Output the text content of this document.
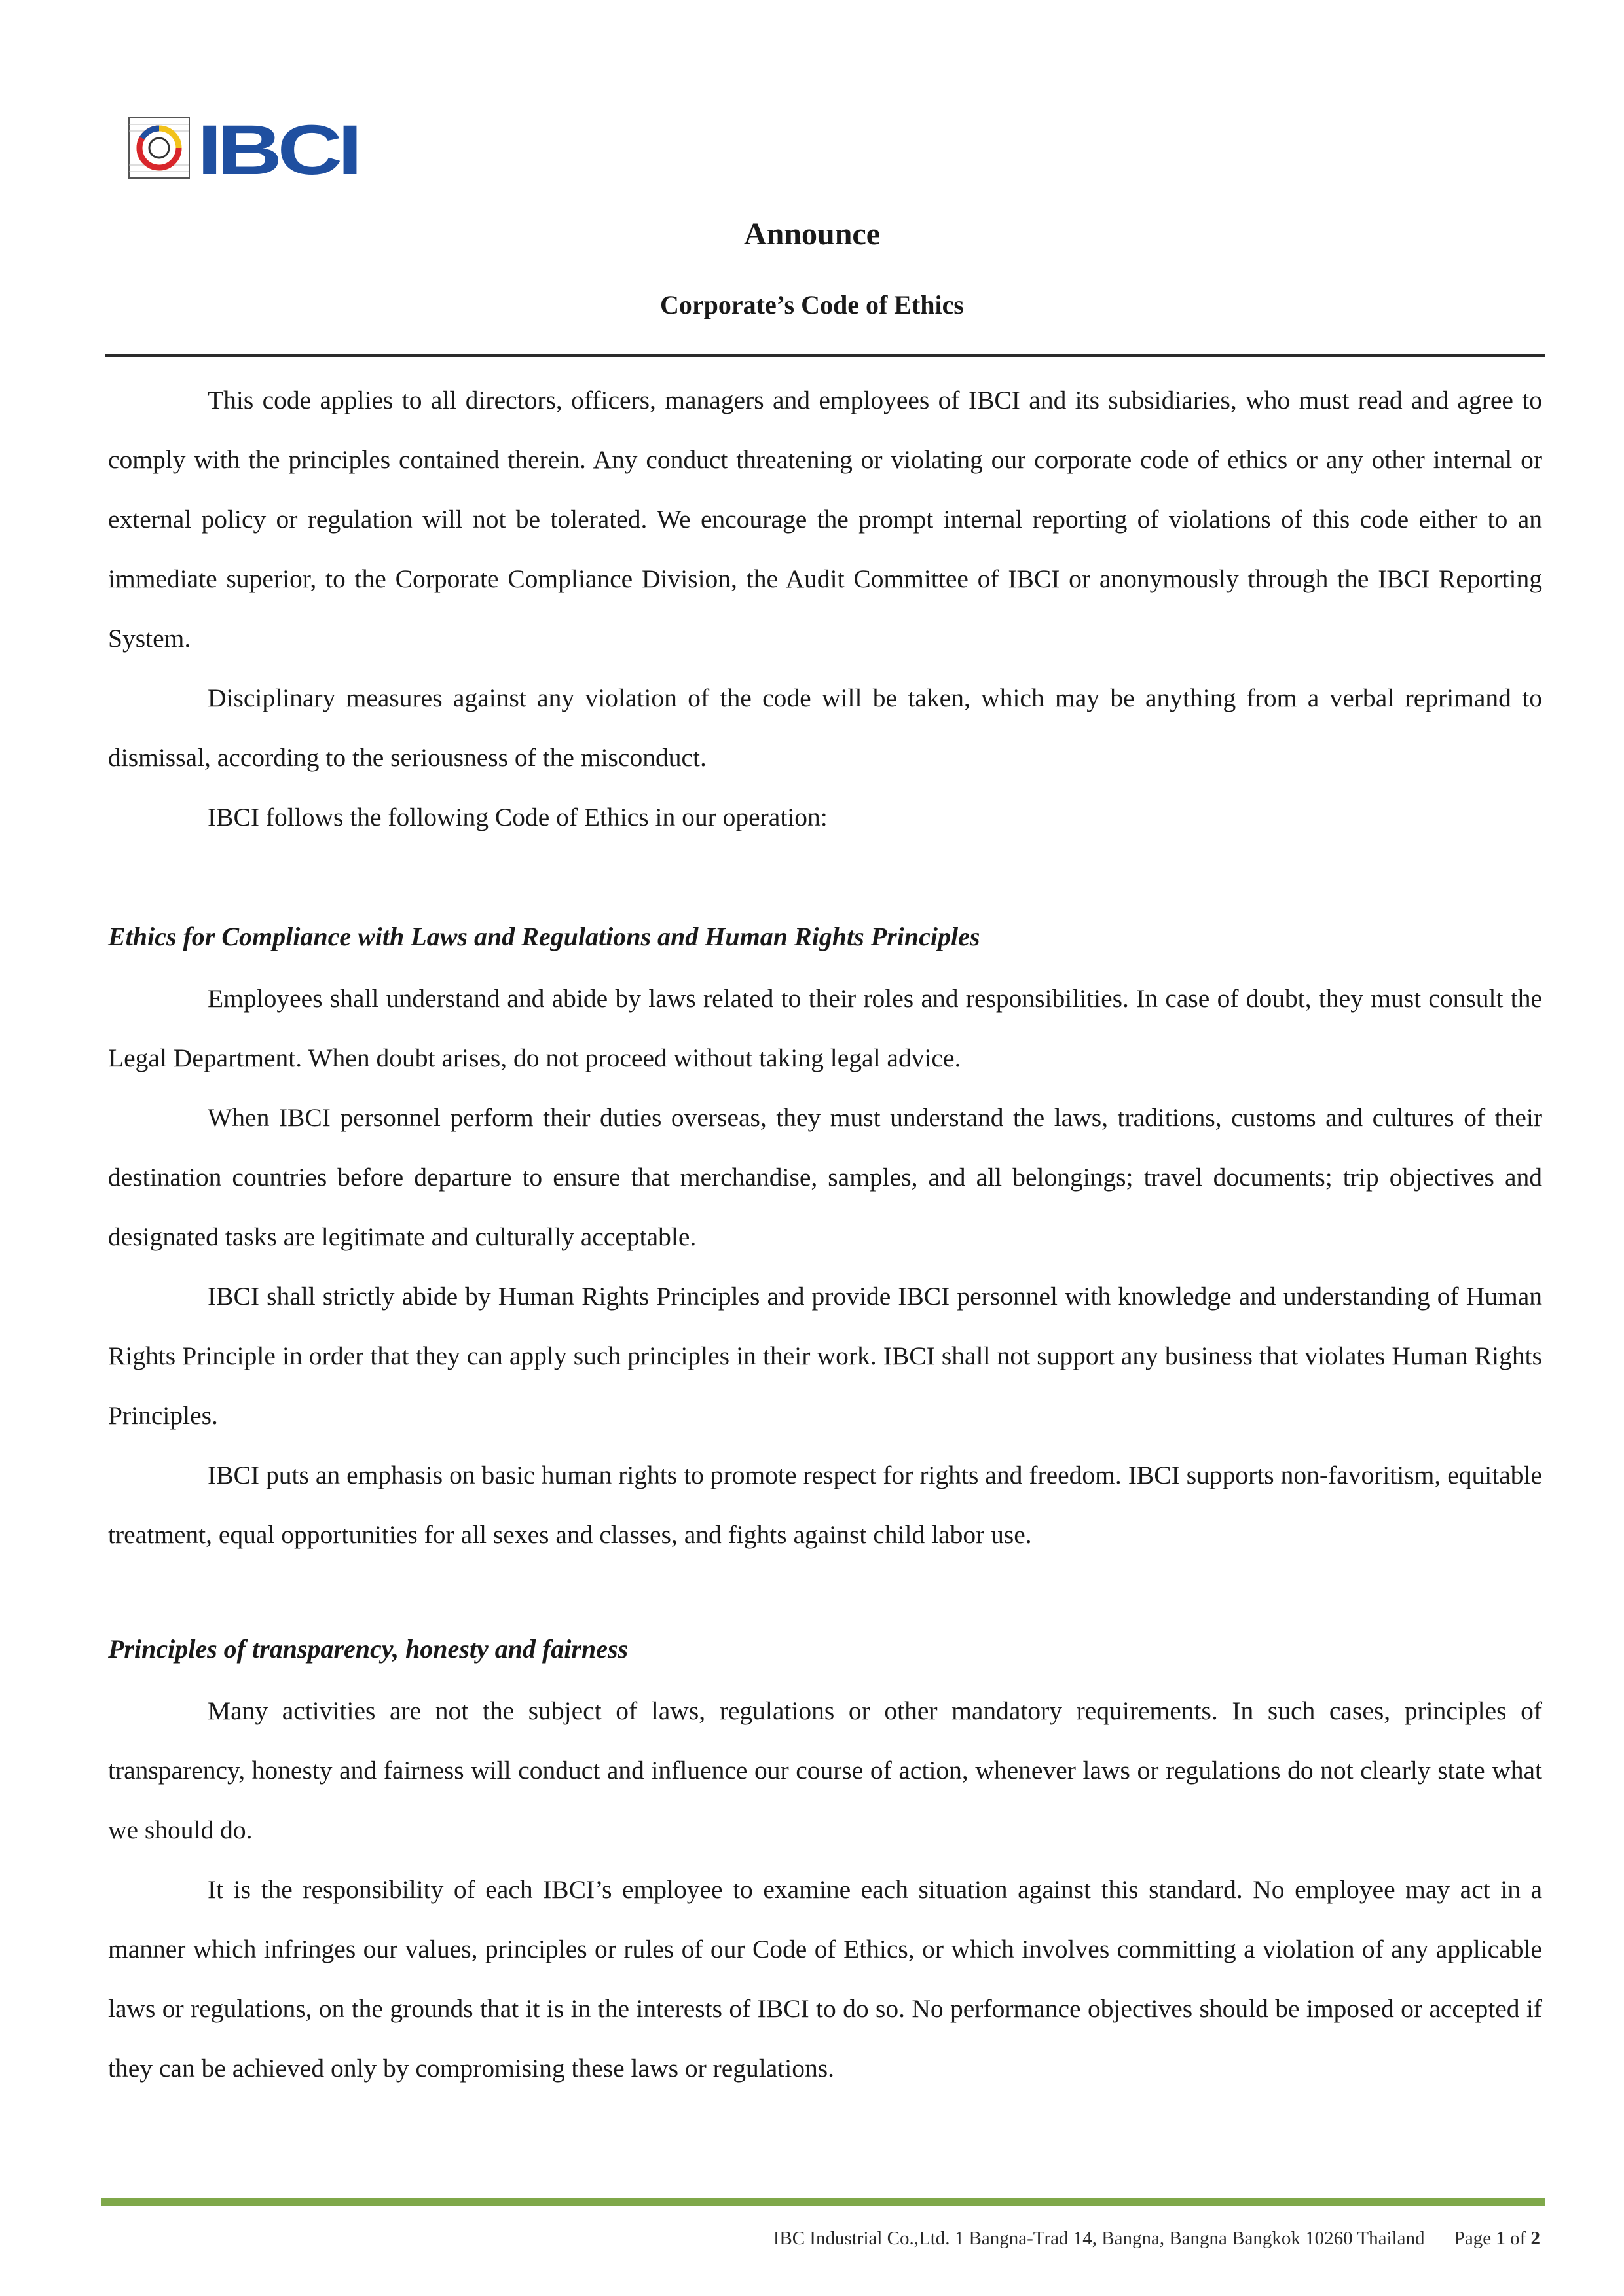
IBCI
Announce
Corporate’s Code of Ethics

This code applies to all directors, officers, managers and employees of IBCI and its subsidiaries, who must read and agree to comply with the principles contained therein. Any conduct threatening or violating our corporate code of ethics or any other internal or external policy or regulation will not be tolerated. We encourage the prompt internal reporting of violations of this code either to an immediate superior, to the Corporate Compliance Division, the Audit Committee of IBCI or anonymously through the IBCI Reporting System.

Disciplinary measures against any violation of the code will be taken, which may be anything from a verbal reprimand to dismissal, according to the seriousness of the misconduct.

IBCI follows the following Code of Ethics in our operation:

Ethics for Compliance with Laws and Regulations and Human Rights Principles

Employees shall understand and abide by laws related to their roles and responsibilities. In case of doubt, they must consult the Legal Department. When doubt arises, do not proceed without taking legal advice.

When IBCI personnel perform their duties overseas, they must understand the laws, traditions, customs and cultures of their destination countries before departure to ensure that merchandise, samples, and all belongings; travel documents; trip objectives and designated tasks are legitimate and culturally acceptable.

IBCI shall strictly abide by Human Rights Principles and provide IBCI personnel with knowledge and understanding of Human Rights Principle in order that they can apply such principles in their work. IBCI shall not support any business that violates Human Rights Principles.

IBCI puts an emphasis on basic human rights to promote respect for rights and freedom. IBCI supports non-favoritism, equitable treatment, equal opportunities for all sexes and classes, and fights against child labor use.

Principles of transparency, honesty and fairness

Many activities are not the subject of laws, regulations or other mandatory requirements. In such cases, principles of transparency, honesty and fairness will conduct and influence our course of action, whenever laws or regulations do not clearly state what we should do.

It is the responsibility of each IBCI’s employee to examine each situation against this standard. No employee may act in a manner which infringes our values, principles or rules of our Code of Ethics, or which involves committing a violation of any applicable laws or regulations, on the grounds that it is in the interests of IBCI to do so. No performance objectives should be imposed or accepted if they can be achieved only by compromising these laws or regulations.

IBC Industrial Co.,Ltd. 1 Bangna-Trad 14, Bangna, Bangna Bangkok 10260 Thailand Page 1 of 2
